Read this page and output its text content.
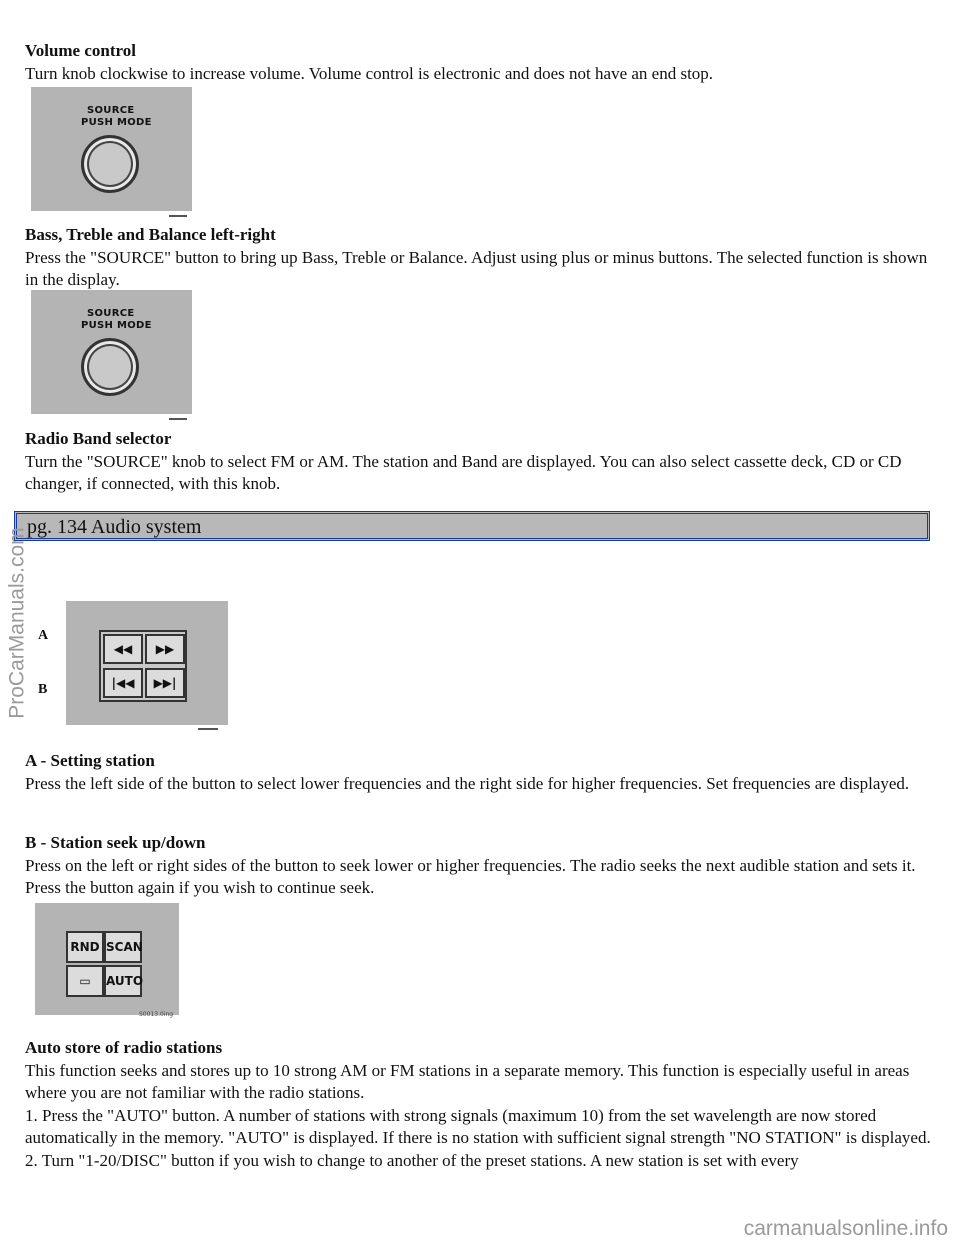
Volume control

Turn knob clockwise to increase volume. Volume control is electronic and does not have an end stop.

SOURCE
PUSH MODE
Bass, Treble and Balance left-right

Press the "SOURCE" button to bring up Bass, Treble or Balance. Adjust using plus or minus buttons. The selected function is shown in the display.

SOURCE
PUSH MODE
Radio Band selector

Turn the "SOURCE" knob to select FM or AM. The station and Band are displayed. You can also select cassette deck, CD or CD changer, if connected, with this knob.

pg. 134 Audio system
ProCarManuals.com A
B
◀◀	▶▶
|◀◀	▶▶|
A - Setting station

Press the left side of the button to select lower frequencies and the right side for higher frequencies. Set frequencies are displayed.

B - Station seek up/down

Press on the left or right sides of the button to seek lower or higher frequencies. The radio seeks the next audible station and sets it. Press the button again if you wish to continue seek.

RND SCAN
▭	AUTO
S0013.0ing
Auto store of radio stations

This function seeks and stores up to 10 strong AM or FM stations in a separate memory. This function is especially useful in areas where you are not familiar with the radio stations.

1. Press the "AUTO" button. A number of stations with strong signals (maximum 10) from the set wavelength are now stored automatically in the memory. "AUTO" is displayed. If there is no station with sufficient signal strength "NO STATION" is displayed.

2. Turn "1-20/DISC" button if you wish to change to another of the preset stations. A new station is set with every

carmanualsonline.info
